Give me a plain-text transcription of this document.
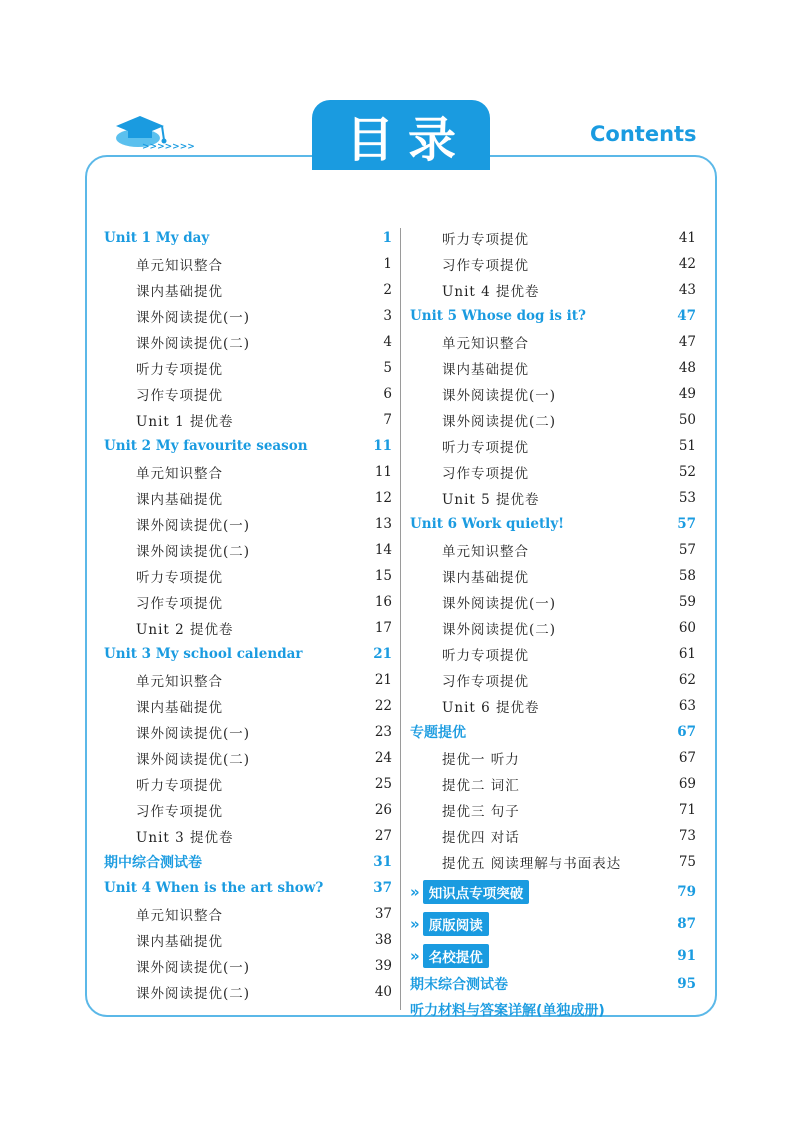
>>>>>>>	目录	Contents
Unit 1 My day	1
单元知识整合	1
课内基础提优	2
课外阅读提优(一)	3
课外阅读提优(二)	4
听力专项提优	5
习作专项提优	6
Unit 1 提优卷	7
Unit 2 My favourite season	11
单元知识整合	11
课内基础提优	12
课外阅读提优(一)	13
课外阅读提优(二)	14
听力专项提优	15
习作专项提优	16
Unit 2 提优卷	17
Unit 3 My school calendar	21
单元知识整合	21
课内基础提优	22
课外阅读提优(一)	23
课外阅读提优(二)	24
听力专项提优	25
习作专项提优	26
Unit 3 提优卷	27
期中综合测试卷	31
Unit 4 When is the art show?	37
单元知识整合	37
课内基础提优	38
课外阅读提优(一)	39
课外阅读提优(二)	40
听力专项提优	41
习作专项提优	42
Unit 4 提优卷	43
Unit 5 Whose dog is it?	47
单元知识整合	47
课内基础提优	48
课外阅读提优(一)	49
课外阅读提优(二)	50
听力专项提优	51
习作专项提优	52
Unit 5 提优卷	53
Unit 6 Work quietly!	57
单元知识整合	57
课内基础提优	58
课外阅读提优(一)	59
课外阅读提优(二)	60
听力专项提优	61
习作专项提优	62
Unit 6 提优卷	63
专题提优	67
提优一 听力	67
提优二 词汇	69
提优三 句子	71
提优四 对话	73
提优五 阅读理解与书面表达	75
» 知识点专项突破	79
» 原版阅读	87
» 名校提优	91
期末综合测试卷	95
听力材料与答案详解(单独成册)
